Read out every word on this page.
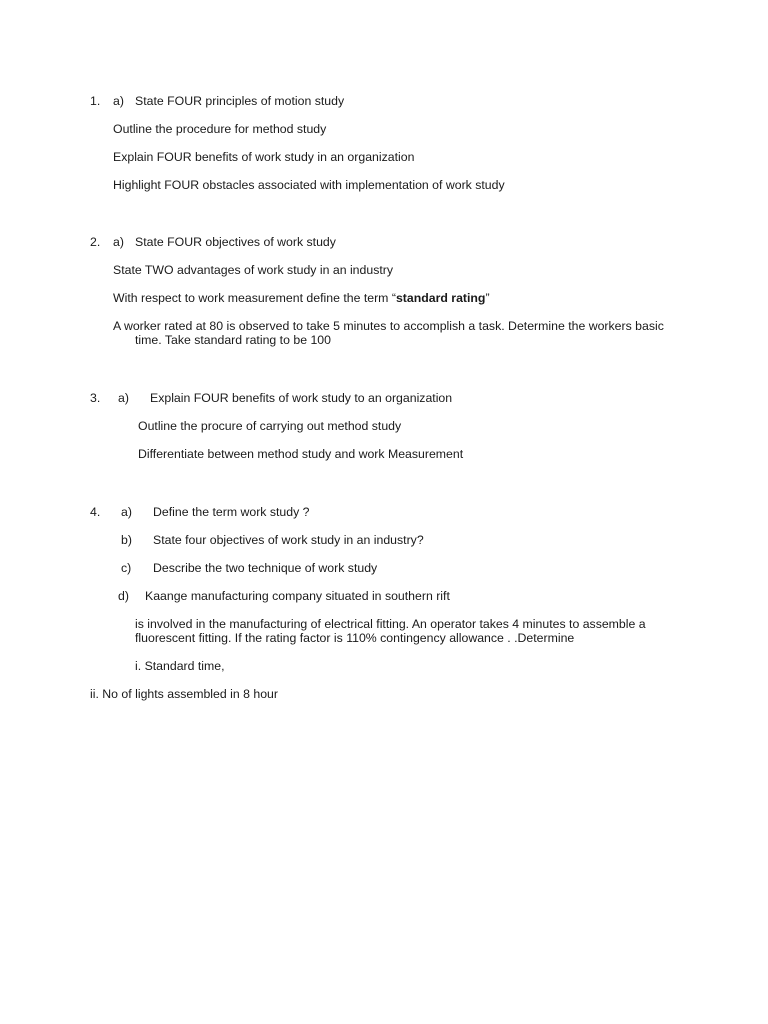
1. a) State FOUR principles of motion study
Outline the procedure for method study
Explain FOUR benefits of work study in an organization
Highlight FOUR obstacles associated with implementation of work study
2. a) State FOUR objectives of work study
State TWO advantages of work study in an industry
With respect to work measurement define the term “standard rating”
A worker rated at 80 is observed to take 5 minutes to accomplish a task. Determine the workers basic
time. Take standard rating to be 100
3. a) Explain FOUR benefits of work study to an organization
Outline the procure of carrying out method study
Differentiate between method study and work Measurement
4. a) Define the term work study ?
b) State four objectives of work study in an industry?
c) Describe the two technique of work study
d) Kaange manufacturing company situated in southern rift
is involved in the manufacturing of electrical fitting. An operator takes 4 minutes to assemble a fluorescent fitting. If the rating factor is 110% contingency allowance . .Determine
i. Standard time,
ii. No of lights assembled in 8 hour
